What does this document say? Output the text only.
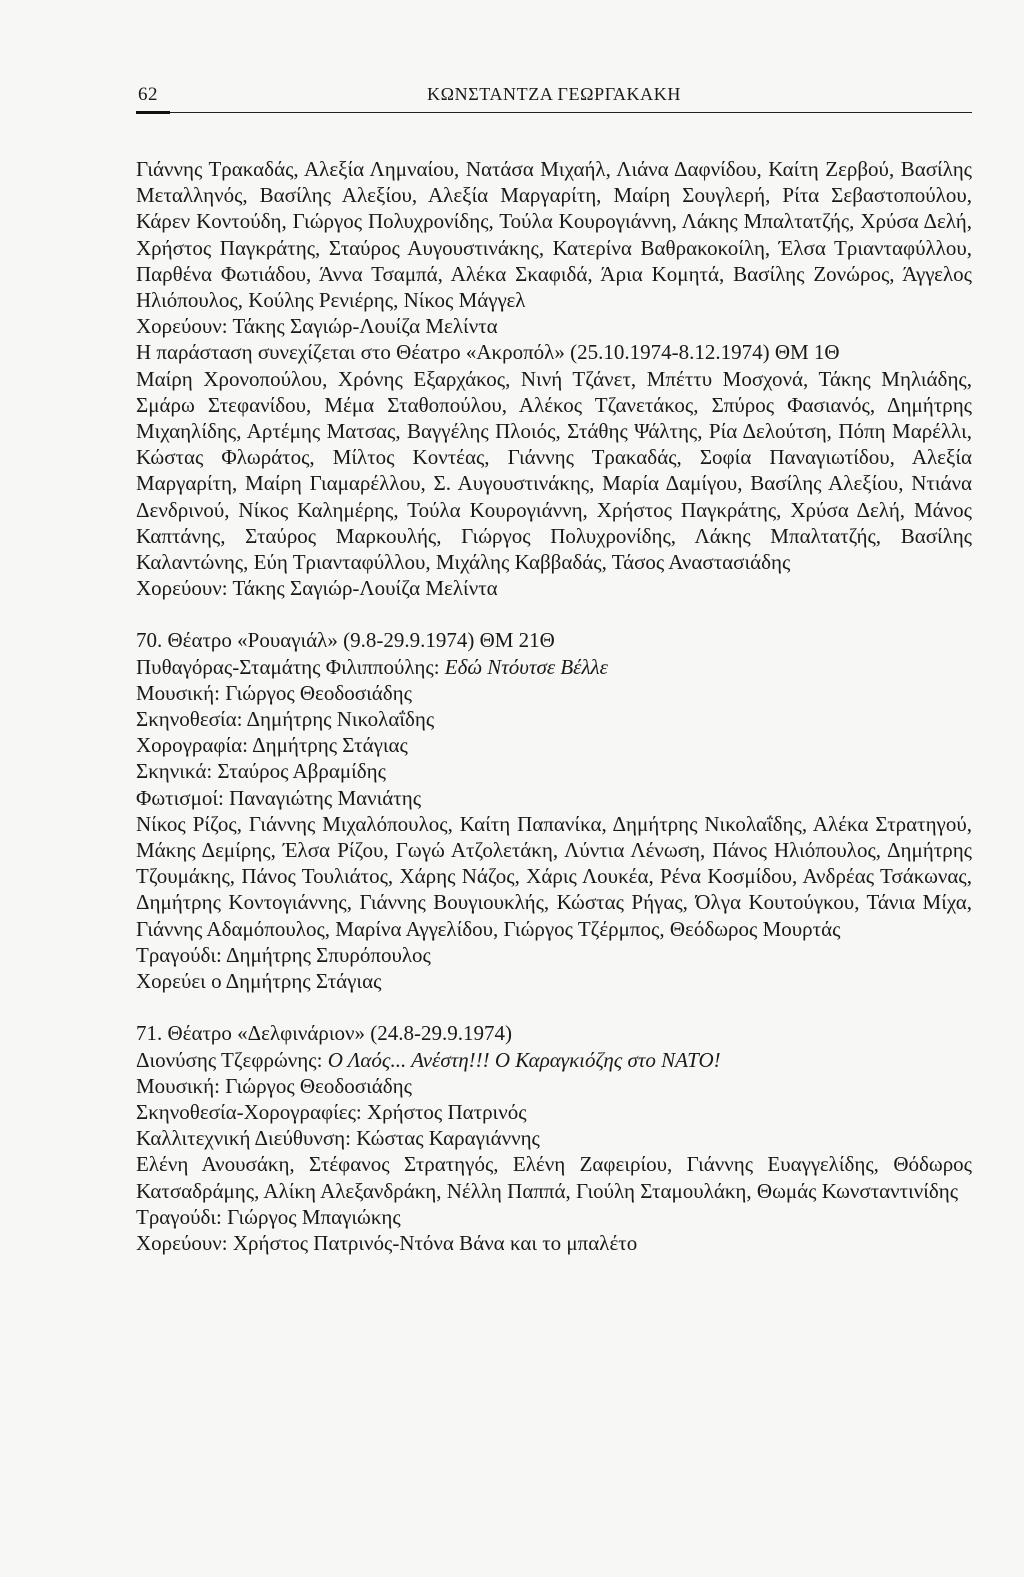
62	ΚΩΝΣΤΑΝΤΖΑ ΓΕΩΡΓΑΚΑΚΗ

Γιάννης Τρακαδάς, Αλεξία Λημναίου, Νατάσα Μιχαήλ, Λιάνα Δαφνίδου, Καίτη Ζερβού, Βασίλης Μεταλληνός, Βασίλης Αλεξίου, Αλεξία Μαργαρίτη, Μαίρη Σουγλερή, Ρίτα Σεβαστοπούλου, Κάρεν Κοντούδη, Γιώργος Πολυχρονίδης, Τούλα Κουρογιάννη, Λάκης Μπαλτατζής, Χρύσα Δελή, Χρήστος Παγκράτης, Σταύρος Αυγουστινάκης, Κατερίνα Βαθρακοκοίλη, Έλσα Τριανταφύλλου, Παρθένα Φωτιάδου, Άννα Τσαμπά, Αλέκα Σκαφιδά, Άρια Κομητά, Βασίλης Ζονώρος, Άγγελος Ηλιόπουλος, Κούλης Ρενιέρης, Νίκος Μάγγελ

Χορεύουν: Τάκης Σαγιώρ-Λουίζα Μελίντα

Η παράσταση συνεχίζεται στο Θέατρο «Ακροπόλ» (25.10.1974-8.12.1974) ΘΜ 1Θ

Μαίρη Χρονοπούλου, Χρόνης Εξαρχάκος, Νινή Τζάνετ, Μπέττυ Μοσχονά, Τάκης Μηλιάδης, Σμάρω Στεφανίδου, Μέμα Σταθοπούλου, Αλέκος Τζανετάκος, Σπύρος Φασιανός, Δημήτρης Μιχαηλίδης, Αρτέμης Ματσας, Βαγγέλης Πλοιός, Στάθης Ψάλτης, Ρία Δελούτση, Πόπη Μαρέλλι, Κώστας Φλωράτος, Μίλτος Κοντέας, Γιάννης Τρακαδάς, Σοφία Παναγιωτίδου, Αλεξία Μαργαρίτη, Μαίρη Γιαμαρέλλου, Σ. Αυγουστινάκης, Μαρία Δαμίγου, Βασίλης Αλεξίου, Ντιάνα Δενδρινού, Νίκος Καλημέρης, Τούλα Κουρογιάννη, Χρήστος Παγκράτης, Χρύσα Δελή, Μάνος Καπτάνης, Σταύρος Μαρκουλής, Γιώργος Πολυχρονίδης, Λάκης Μπαλτατζής, Βασίλης Καλαντώνης, Εύη Τριανταφύλλου, Μιχάλης Καββαδάς, Τάσος Αναστασιάδης

Χορεύουν: Τάκης Σαγιώρ-Λουίζα Μελίντα

70. Θέατρο «Ρουαγιάλ» (9.8-29.9.1974) ΘΜ 21Θ

Πυθαγόρας-Σταμάτης Φιλιππούλης: Εδώ Ντόυτσε Βέλλε

Μουσική: Γιώργος Θεοδοσιάδης

Σκηνοθεσία: Δημήτρης Νικολαΐδης

Χορογραφία: Δημήτρης Στάγιας

Σκηνικά: Σταύρος Αβραμίδης

Φωτισμοί: Παναγιώτης Μανιάτης

Νίκος Ρίζος, Γιάννης Μιχαλόπουλος, Καίτη Παπανίκα, Δημήτρης Νικολαΐδης, Αλέκα Στρατηγού, Μάκης Δεμίρης, Έλσα Ρίζου, Γωγώ Ατζολετάκη, Λύντια Λένωση, Πάνος Ηλιόπουλος, Δημήτρης Τζουμάκης, Πάνος Τουλιάτος, Χάρης Νάζος, Χάρις Λουκέα, Ρένα Κοσμίδου, Ανδρέας Τσάκωνας, Δημήτρης Κοντογιάννης, Γιάννης Βουγιουκλής, Κώστας Ρήγας, Όλγα Κουτούγκου, Τάνια Μίχα, Γιάννης Αδαμόπουλος, Μαρίνα Αγγελίδου, Γιώργος Τζέρμπος, Θεόδωρος Μουρτάς

Τραγούδι: Δημήτρης Σπυρόπουλος

Χορεύει ο Δημήτρης Στάγιας

71. Θέατρο «Δελφινάριον» (24.8-29.9.1974)

Διονύσης Τζεφρώνης: Ο Λαός... Ανέστη!!! Ο Καραγκιόζης στο ΝΑΤΟ!

Μουσική: Γιώργος Θεοδοσιάδης

Σκηνοθεσία-Χορογραφίες: Χρήστος Πατρινός

Καλλιτεχνική Διεύθυνση: Κώστας Καραγιάννης

Ελένη Ανουσάκη, Στέφανος Στρατηγός, Ελένη Ζαφειρίου, Γιάννης Ευαγγελίδης, Θόδωρος Κατσαδράμης, Αλίκη Αλεξανδράκη, Νέλλη Παππά, Γιούλη Σταμουλάκη, Θωμάς Κωνσταντινίδης

Τραγούδι: Γιώργος Μπαγιώκης

Χορεύουν: Χρήστος Πατρινός-Ντόνα Βάνα και το μπαλέτο
